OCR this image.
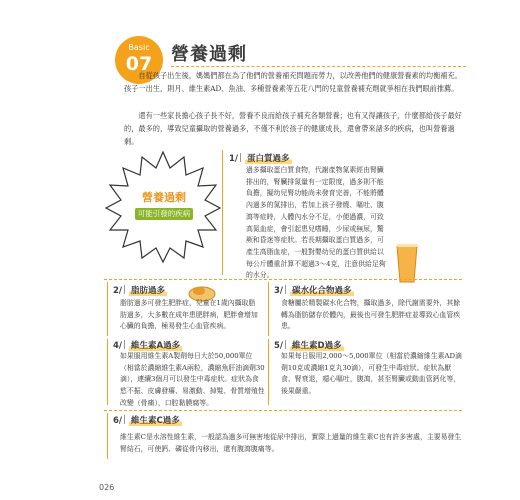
Basic
07	營養過剩

　　自從孩子出生後，媽媽們都在為了他們的營養補充問題而勞力，以改善他們的健康營養素的均衡補充。孩子一出生，則月、維生素AD、魚油、多種營養素等五花八門的兒童營養補充劑就爭相在我們眼前推薦。

　　還有一些家長擔心孩子長不好，營養不良而給孩子補充各類營養；也有又得讓孩子，什麼都給孩子最好的，最多的，導致兒童攝取的營養過多，不僅不利於孩子的健康成長，還會帶來諸多的疾病，也叫營養過剩。

營養過剩
可能引發的疾病
1/ 蛋白質過多

過多攝取蛋白質食物，代謝產物氮素經由腎臟排出的，腎臟排氮量有一定限度，過多則不能負擔，擬幼兒腎功能尚未發育完善，不能將體內過多的氮排出，若加上孩子發燒、嘔吐、腹瀉等症時，人體內水分不足，小便過濃，可致高氮血症，會引起患兒嗜睡，少尿或無尿，驚厥和昏迷等症狀。若長期攝取蛋白質過多，可產生高脂血症，一般對嬰幼兒的蛋白質供給以每公斤體重計算不超過3～4克，注意供給足夠的水分。

2/ 脂肪過多

脂肪過多可發生肥胖症，兒童在1歲內攝取脂肪過多，大多數在成年患肥胖病，肥胖會增加心臟的負擔，極易發生心血管疾病。

3/ 碳水化合物過多

食糖屬於精製碳水化合物，攝取過多，除代謝需要外，其餘轉為脂肪儲存於體內，最後也可發生肥胖症並導致心血管疾患。

4/ 維生素A過多

如果服用維生素A製劑每日大於50,000單位（相當於濃縮維生素A兩粒，濃縮魚肝油滴劑30滴），連續3個月可以發生中毒症狀。症狀為食慾不振、皮膚發癢、易激動、掉髮、骨質增殖性改變（骨痛），口腔黏膜腐等。

5/ 維生素D過多

如果每日服用2,000～5,000單位（相當於濃縮維生素AD滴劑10克或濃縮1克丸30滴），可發生中毒症狀。症狀為厭食、腎衰退，噁心嘔吐，腹瀉，甚至腎臟或動血管鈣化等，後果嚴重。

6/ 維生素C過多

維生素C是水溶性維生素，一般認為過多可無害地從尿中排出，實際上過量的維生素C也有許多害處，主要易發生腎結石，可使鈣、磷從骨內移出，還有腹瀉腹痛等。

026
